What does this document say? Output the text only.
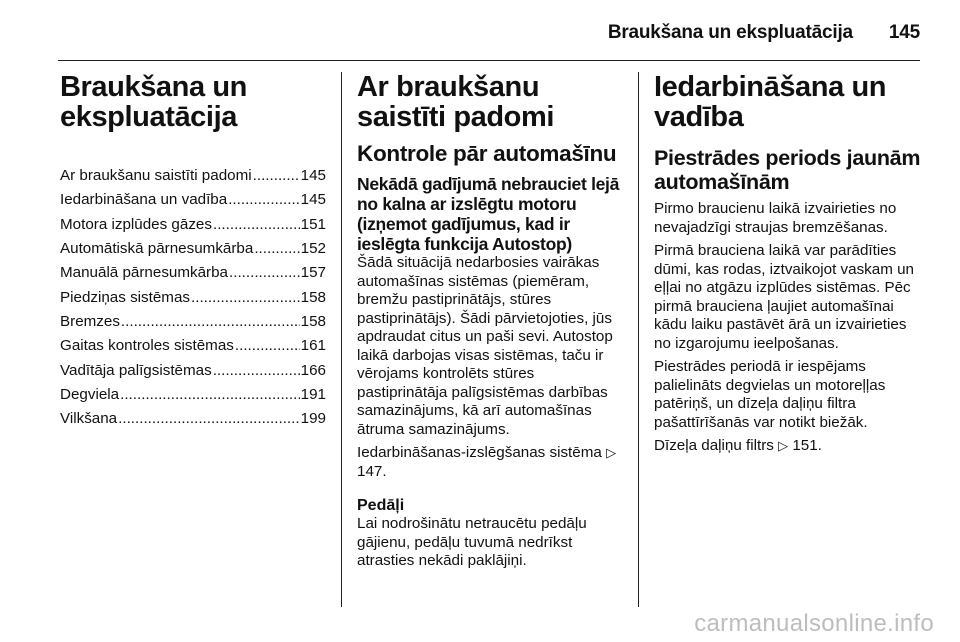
Braukšana un ekspluatācija 145
Braukšana un ekspluatācija
Ar braukšanu saistīti padomi .....	145
Iedarbināšana un vadība .....	145
Motora izplūdes gāzes .....	151
Automātiskā pārnesumkārba .....	152
Manuālā pārnesumkārba .....	157
Piedziņas sistēmas .....	158
Bremzes .....	158
Gaitas kontroles sistēmas .....	161
Vadītāja palīgsistēmas .....	166
Degviela .....	191
Vilkšana .....	199
Ar braukšanu saistīti padomi
Kontrole pār automašīnu
Nekādā gadījumā nebrauciet lejā no kalna ar izslēgtu motoru (izņemot gadījumus, kad ir ieslēgta funkcija Autostop)

Šādā situācijā nedarbosies vairākas automašīnas sistēmas (piemēram, bremžu pastiprinātājs, stūres pastiprinātājs). Šādi pārvietojoties, jūs apdraudat citus un paši sevi. Autostop laikā darbojas visas sistēmas, taču ir vērojams kontrolēts stūres pastiprinātāja palīgsistēmas darbības samazinājums, kā arī automašīnas ātruma samazinājums.

Iedarbināšanas-izslēgšanas sistēma ▷ 147.

Pedāļi

Lai nodrošinātu netraucētu pedāļu gājienu, pedāļu tuvumā nedrīkst atrasties nekādi paklājiņi.

Iedarbināšana un vadība
Piestrādes periods jaunām automašīnām

Pirmo braucienu laikā izvairieties no nevajadzīgi straujas bremzēšanas.

Pirmā brauciena laikā var parādīties dūmi, kas rodas, iztvaikojot vaskam un eļļai no atgāzu izplūdes sistēmas. Pēc pirmā brauciena ļaujiet automašīnai kādu laiku pastāvēt ārā un izvairieties no izgarojumu ieelpošanas.

Piestrādes periodā ir iespējams palielināts degvielas un motoreļļas patēriņš, un dīzeļa daļiņu filtra pašattīrīšanās var notikt biežāk.

Dīzeļa daļiņu filtrs ▷ 151.

carmanualsonline.info
